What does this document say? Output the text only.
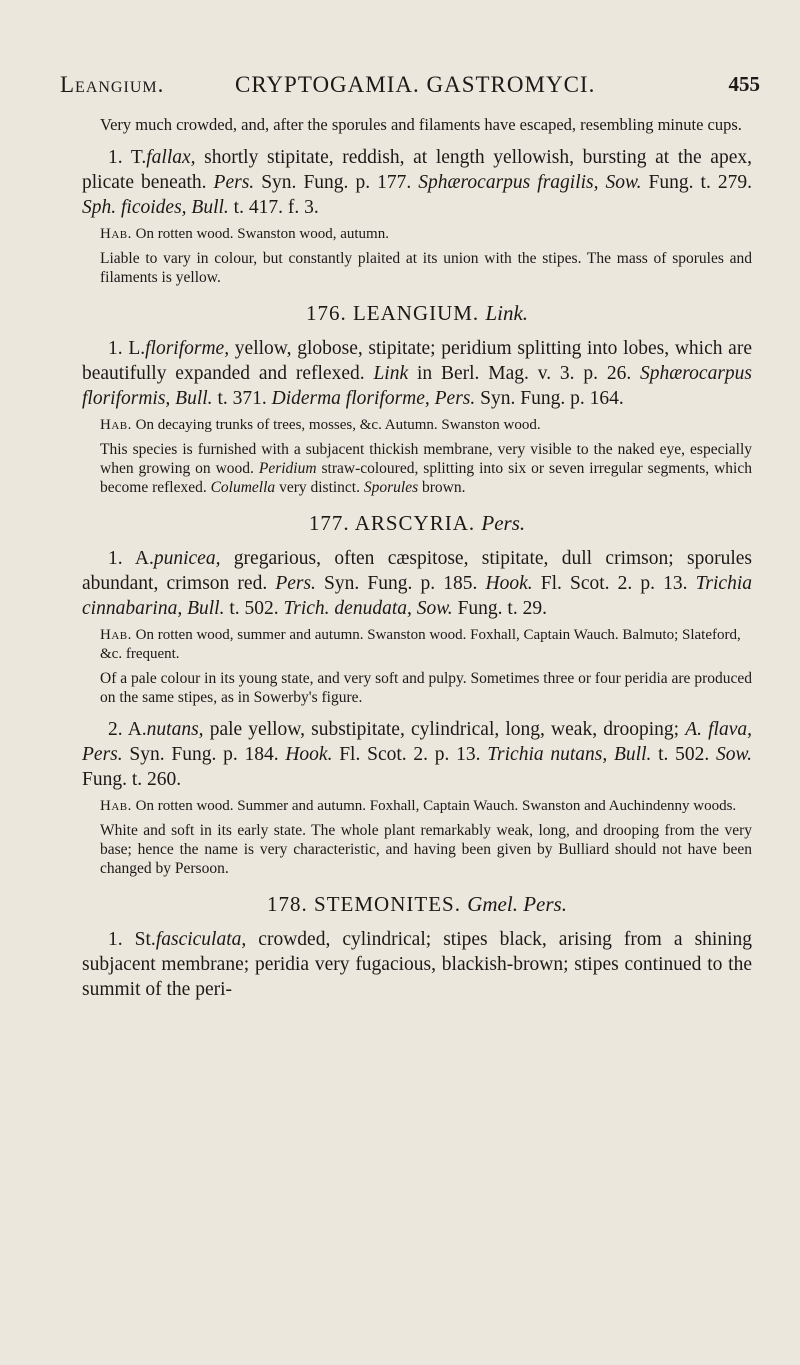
Leangium.	CRYPTOGAMIA. GASTROMYCI.	455

Very much crowded, and, after the sporules and filaments have escaped, resembling minute cups.

1. T.fallax, shortly stipitate, reddish, at length yellowish, bursting at the apex, plicate beneath. Pers. Syn. Fung. p. 177. Sphærocarpus fragilis, Sow. Fung. t. 279. Sph. ficoides, Bull. t. 417. f. 3.

Hab. On rotten wood. Swanston wood, autumn.

Liable to vary in colour, but constantly plaited at its union with the stipes. The mass of sporules and filaments is yellow.

176. LEANGIUM. Link.

1. L.floriforme, yellow, globose, stipitate; peridium splitting into lobes, which are beautifully expanded and reflexed. Link in Berl. Mag. v. 3. p. 26. Sphærocarpus floriformis, Bull. t. 371. Diderma floriforme, Pers. Syn. Fung. p. 164.

Hab. On decaying trunks of trees, mosses, &c. Autumn. Swanston wood.

This species is furnished with a subjacent thickish membrane, very visible to the naked eye, especially when growing on wood. Peridium straw-coloured, splitting into six or seven irregular segments, which become reflexed. Columella very distinct. Sporules brown.

177. ARSCYRIA. Pers.

1. A.punicea, gregarious, often cæspitose, stipitate, dull crimson; sporules abundant, crimson red. Pers. Syn. Fung. p. 185. Hook. Fl. Scot. 2. p. 13. Trichia cinnabarina, Bull. t. 502. Trich. denudata, Sow. Fung. t. 29.

Hab. On rotten wood, summer and autumn. Swanston wood. Foxhall, Captain Wauch. Balmuto; Slateford, &c. frequent.

Of a pale colour in its young state, and very soft and pulpy. Sometimes three or four peridia are produced on the same stipes, as in Sowerby's figure.

2. A.nutans, pale yellow, substipitate, cylindrical, long, weak, drooping; A. flava, Pers. Syn. Fung. p. 184. Hook. Fl. Scot. 2. p. 13. Trichia nutans, Bull. t. 502. Sow. Fung. t. 260.

Hab. On rotten wood. Summer and autumn. Foxhall, Captain Wauch. Swanston and Auchindenny woods.

White and soft in its early state. The whole plant remarkably weak, long, and drooping from the very base; hence the name is very characteristic, and having been given by Bulliard should not have been changed by Persoon.

178. STEMONITES. Gmel. Pers.

1. St.fasciculata, crowded, cylindrical; stipes black, arising from a shining subjacent membrane; peridia very fugacious, blackish-brown; stipes continued to the summit of the peri-
